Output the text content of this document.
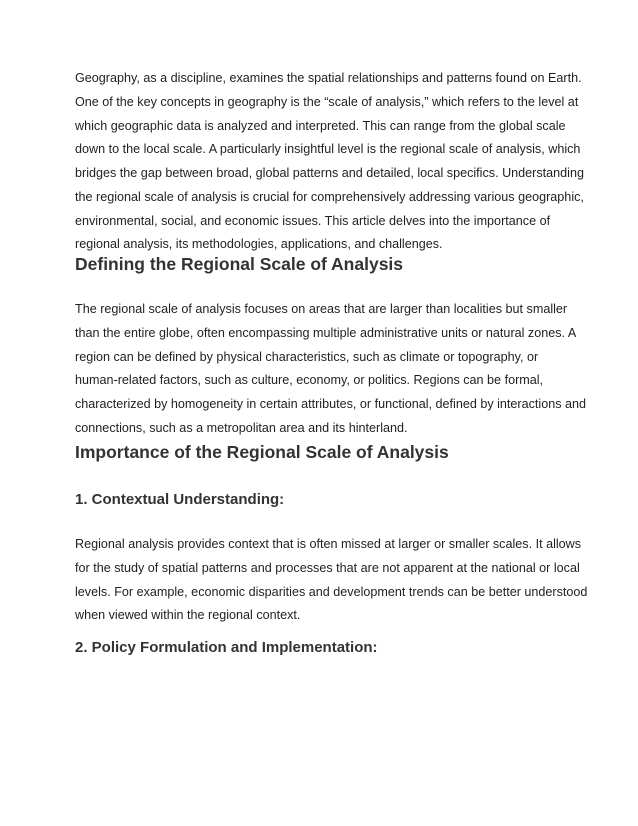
Geography, as a discipline, examines the spatial relationships and patterns found on Earth.
One of the key concepts in geography is the “scale of analysis,” which refers to the level at
which geographic data is analyzed and interpreted. This can range from the global scale
down to the local scale. A particularly insightful level is the regional scale of analysis, which
bridges the gap between broad, global patterns and detailed, local specifics. Understanding
the regional scale of analysis is crucial for comprehensively addressing various geographic,
environmental, social, and economic issues. This article delves into the importance of
regional analysis, its methodologies, applications, and challenges.

Defining the Regional Scale of Analysis

The regional scale of analysis focuses on areas that are larger than localities but smaller
than the entire globe, often encompassing multiple administrative units or natural zones. A
region can be defined by physical characteristics, such as climate or topography, or
human-related factors, such as culture, economy, or politics. Regions can be formal,
characterized by homogeneity in certain attributes, or functional, defined by interactions and
connections, such as a metropolitan area and its hinterland.

Importance of the Regional Scale of Analysis
1. Contextual Understanding:

Regional analysis provides context that is often missed at larger or smaller scales. It allows
for the study of spatial patterns and processes that are not apparent at the national or local
levels. For example, economic disparities and development trends can be better understood
when viewed within the regional context.

2. Policy Formulation and Implementation:
